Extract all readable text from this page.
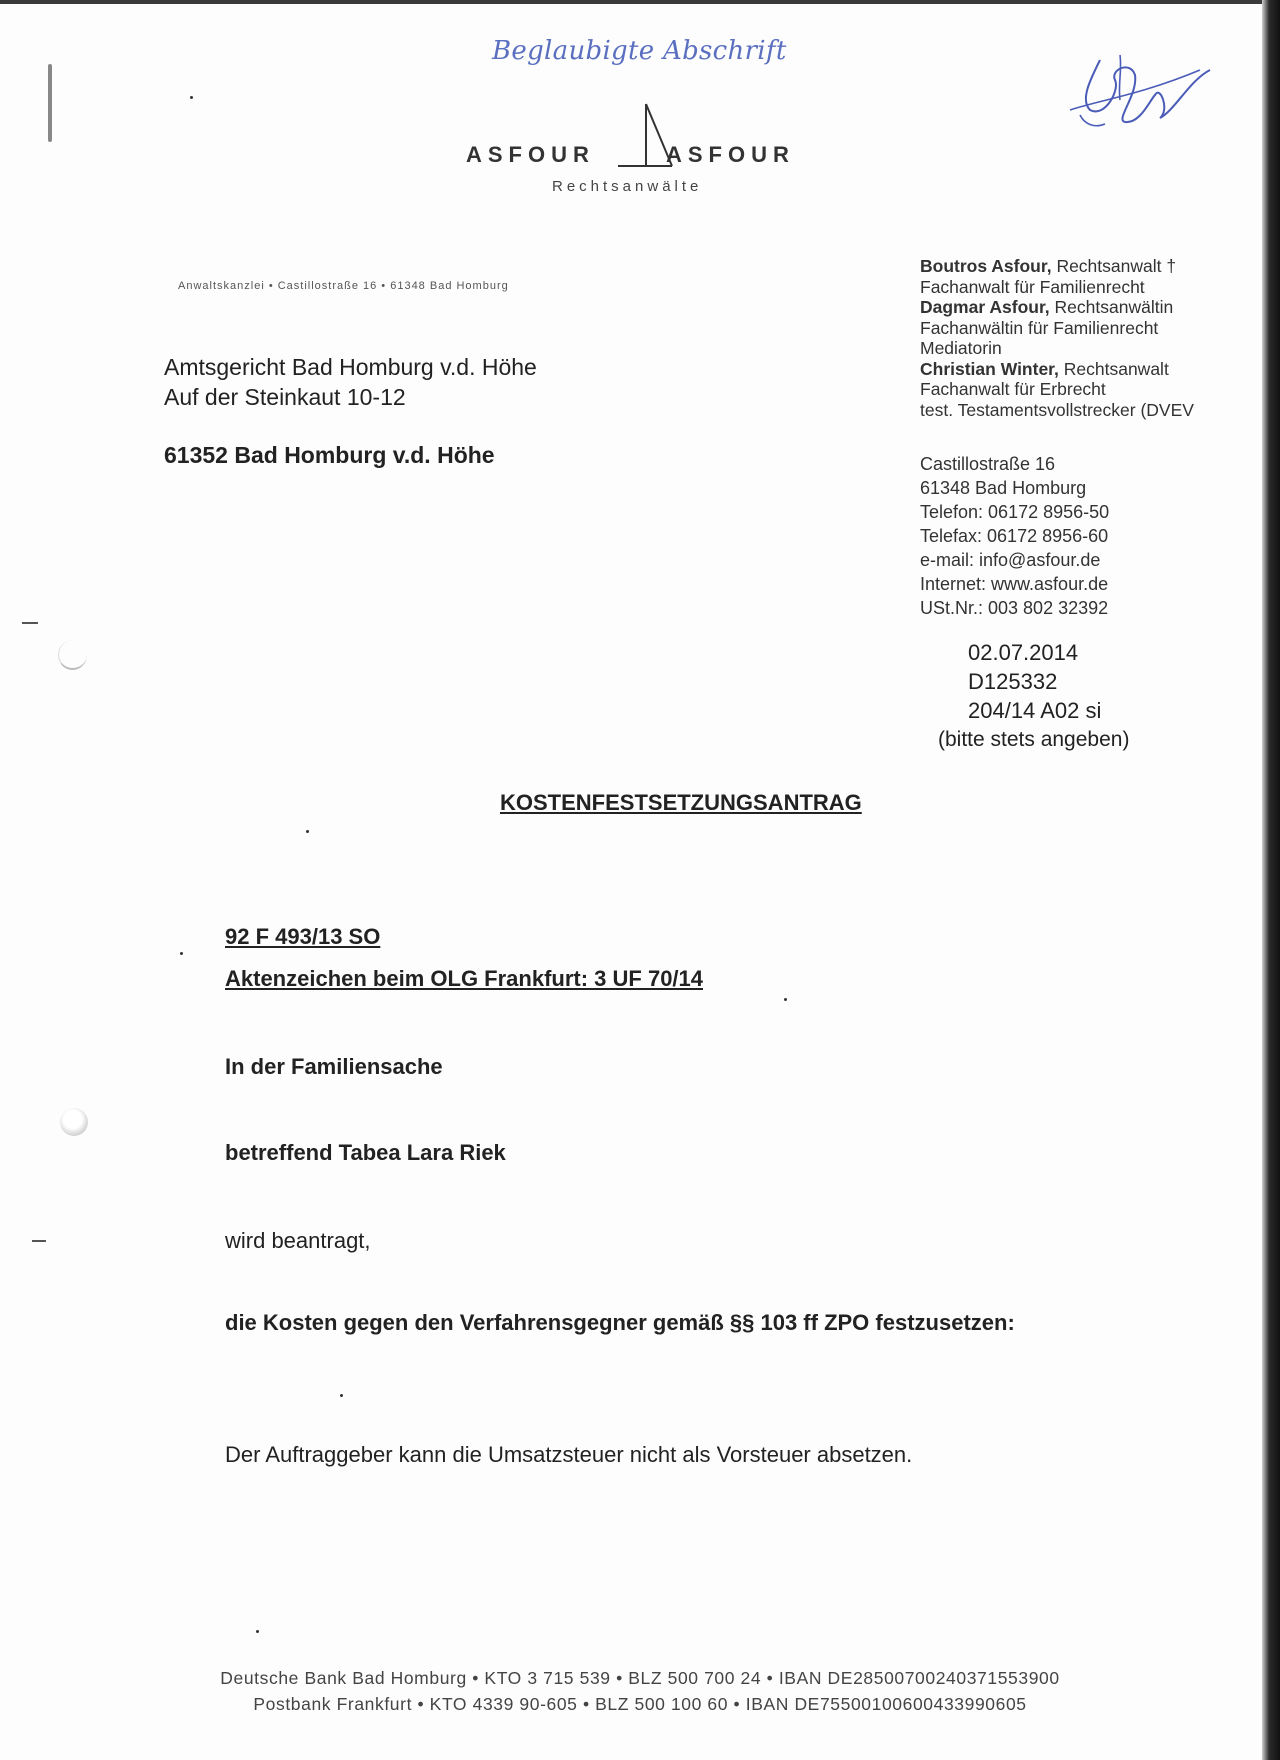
Beglaubigte Abschrift
ASFOUR
Rechtsanwälte
ASFOUR
Anwaltskanzlei • Castillostraße 16 • 61348 Bad Homburg
Amtsgericht Bad Homburg v.d. Höhe
Auf der Steinkaut 10-12
61352 Bad Homburg v.d. Höhe
Boutros Asfour, Rechtsanwalt †
Fachanwalt für Familienrecht
Dagmar Asfour, Rechtsanwältin
Fachanwältin für Familienrecht
Mediatorin
Christian Winter, Rechtsanwalt
Fachanwalt für Erbrecht
test. Testamentsvollstrecker (DVEV
Castillostraße 16
61348 Bad Homburg
Telefon: 06172 8956-50
Telefax: 06172 8956-60
e-mail: info@asfour.de
Internet: www.asfour.de
USt.Nr.: 003 802 32392
02.07.2014
D125332
204/14 A02 si
(bitte stets angeben)
KOSTENFESTSETZUNGSANTRAG
92 F 493/13 SO
Aktenzeichen beim OLG Frankfurt: 3 UF 70/14
In der Familiensache
betreffend Tabea Lara Riek
wird beantragt,
die Kosten gegen den Verfahrensgegner gemäß §§ 103 ff ZPO festzusetzen:
Der Auftraggeber kann die Umsatzsteuer nicht als Vorsteuer absetzen.
Deutsche Bank Bad Homburg • KTO 3 715 539 • BLZ 500 700 24 • IBAN DE28500700240371553900
Postbank Frankfurt • KTO 4339 90-605 • BLZ 500 100 60 • IBAN DE75500100600433990605
